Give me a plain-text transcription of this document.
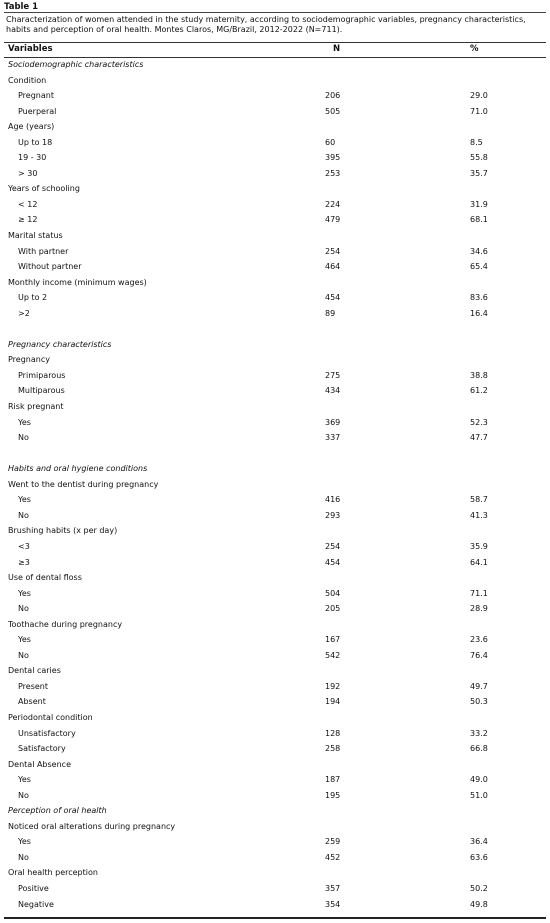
Table 1
Characterization of women attended in the study maternity, according to sociodemographic variables, pregnancy characteristics, habits and perception of oral health. Montes Claros, MG/Brazil, 2012-2022 (N=711).
Variables	N	%
Sociodemographic characteristics
Condition
Pregnant	206	29.0
Puerperal	505	71.0
Age (years)
Up to 18	60	8.5
19 - 30	395	55.8
> 30	253	35.7
Years of schooling
< 12	224	31.9
≥ 12	479	68.1
Marital status
With partner	254	34.6
Without partner	464	65.4
Monthly income (minimum wages)
Up to 2	454	83.6
>2	89	16.4
Pregnancy characteristics
Pregnancy
Primiparous	275	38.8
Multiparous	434	61.2
Risk pregnant
Yes	369	52.3
No	337	47.7
Habits and oral hygiene conditions
Went to the dentist during pregnancy
Yes	416	58.7
No	293	41.3
Brushing habits (x per day)
<3	254	35.9
≥3	454	64.1
Use of dental floss
Yes	504	71.1
No	205	28.9
Toothache during pregnancy
Yes	167	23.6
No	542	76.4
Dental caries
Present	192	49.7
Absent	194	50.3
Periodontal condition
Unsatisfactory	128	33.2
Satisfactory	258	66.8
Dental Absence
Yes	187	49.0
No	195	51.0
Perception of oral health
Noticed oral alterations during pregnancy
Yes	259	36.4
No	452	63.6
Oral health perception
Positive	357	50.2
Negative	354	49.8
